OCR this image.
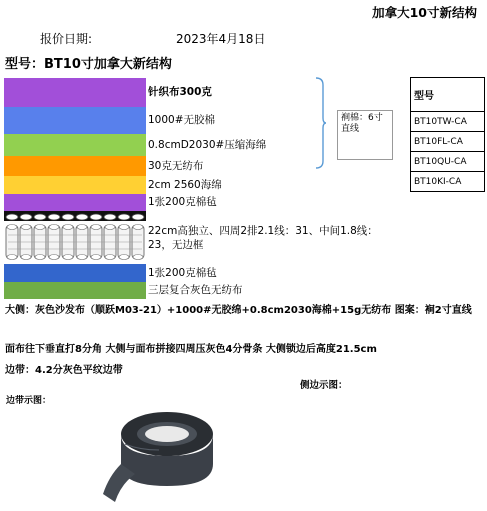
加拿大10寸新结构
报价日期:	2023年4月18日
型号：BT10寸加拿大新结构
针织布300克
1000#无胶棉
0.8cmD2030#压缩海绵
30克无纺布
2cm 2560海绵
1张200克棉毡
22cm高独立、四周2排2.1线：31、中间1.8线：23，无边框
1张200克棉毡
三层复合灰色无纺布
裥棉：6寸直线
型号
BT10TW-CA
BT10FL-CA
BT10QU-CA
BT10KI-CA
大侧：灰色沙发布（顺跃M03-21）+1000#无胶绵+0.8cm2030海棉+15g无纺布 图案：裥2寸直线
面布往下垂直打8分角 大侧与面布拼接四周压灰色4分骨条 大侧锁边后高度21.5cm
边带：4.2分灰色平纹边带
侧边示图：
边带示图：
